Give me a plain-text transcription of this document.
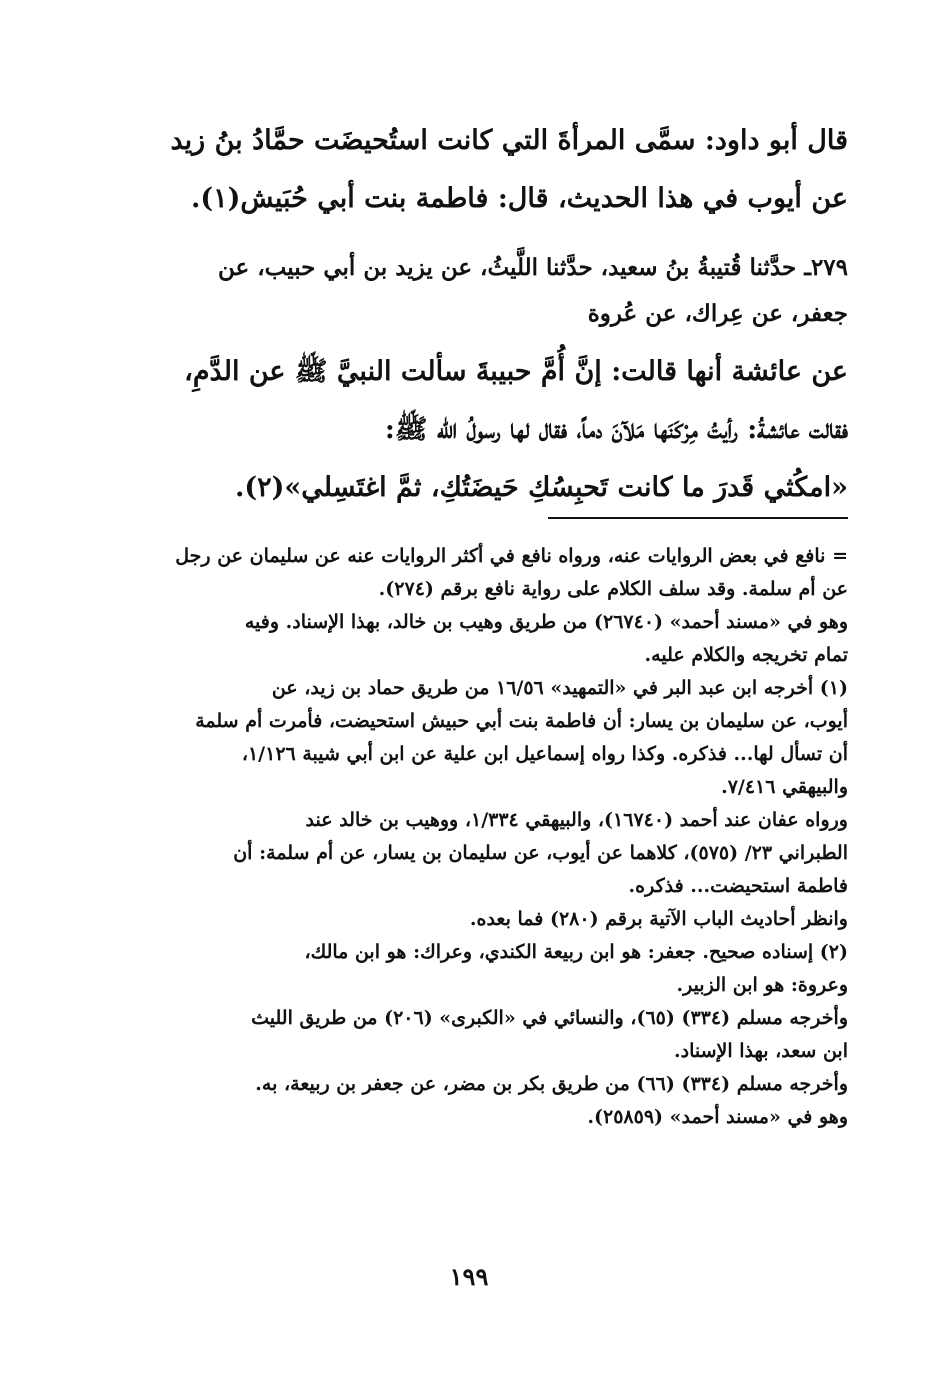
قال أبو داود: سمَّى المرأةَ التي كانت استُحيضَت حمَّادُ بنُ زيد
عن أيوب في هذا الحديث، قال: فاطمة بنت أبي حُبَيش(١).
٢٧٩ـ حدَّثنا قُتيبةُ بنُ سعيد، حدَّثنا اللَّيثُ، عن يزيد بن أبي حبيب، عن
جعفر، عن عِراك، عن عُروة
عن عائشة أنها قالت: إنَّ أُمَّ حبيبةَ سألت النبيَّ ﷺ عن الدَّمِ،
فقالت عائشةُ: رأيتُ مِرْكَنَها مَلآنَ دماً، فقال لها رسولُ الله ﷺ:
«امكُثي قَدرَ ما كانت تَحبِسُكِ حَيضَتُكِ، ثمَّ اغتَسِلي»(٢).
= نافع في بعض الروايات عنه، ورواه نافع في أكثر الروايات عنه عن سليمان عن رجل
عن أم سلمة. وقد سلف الكلام على رواية نافع برقم (٢٧٤).
وهو في «مسند أحمد» (٢٦٧٤٠) من طريق وهيب بن خالد، بهذا الإسناد. وفيه
تمام تخريجه والكلام عليه.
(١) أخرجه ابن عبد البر في «التمهيد» ١٦/٥٦ من طريق حماد بن زيد، عن
أيوب، عن سليمان بن يسار: أن فاطمة بنت أبي حبيش استحيضت، فأمرت أم سلمة
أن تسأل لها... فذكره. وكذا رواه إسماعيل ابن علية عن ابن أبي شيبة ١/١٢٦،
والبيهقي ٧/٤١٦.
ورواه عفان عند أحمد (١٦٧٤٠)، والبيهقي ١/٣٣٤، ووهيب بن خالد عند
الطبراني ٢٣/ (٥٧٥)، كلاهما عن أيوب، عن سليمان بن يسار، عن أم سلمة: أن
فاطمة استحيضت... فذكره.
وانظر أحاديث الباب الآتية برقم (٢٨٠) فما بعده.
(٢) إسناده صحيح. جعفر: هو ابن ربيعة الكندي، وعراك: هو ابن مالك،
وعروة: هو ابن الزبير.
وأخرجه مسلم (٣٣٤) (٦٥)، والنسائي في «الكبرى» (٢٠٦) من طريق الليث
ابن سعد، بهذا الإسناد.
وأخرجه مسلم (٣٣٤) (٦٦) من طريق بكر بن مضر، عن جعفر بن ربيعة، به.
وهو في «مسند أحمد» (٢٥٨٥٩).
١٩٩
